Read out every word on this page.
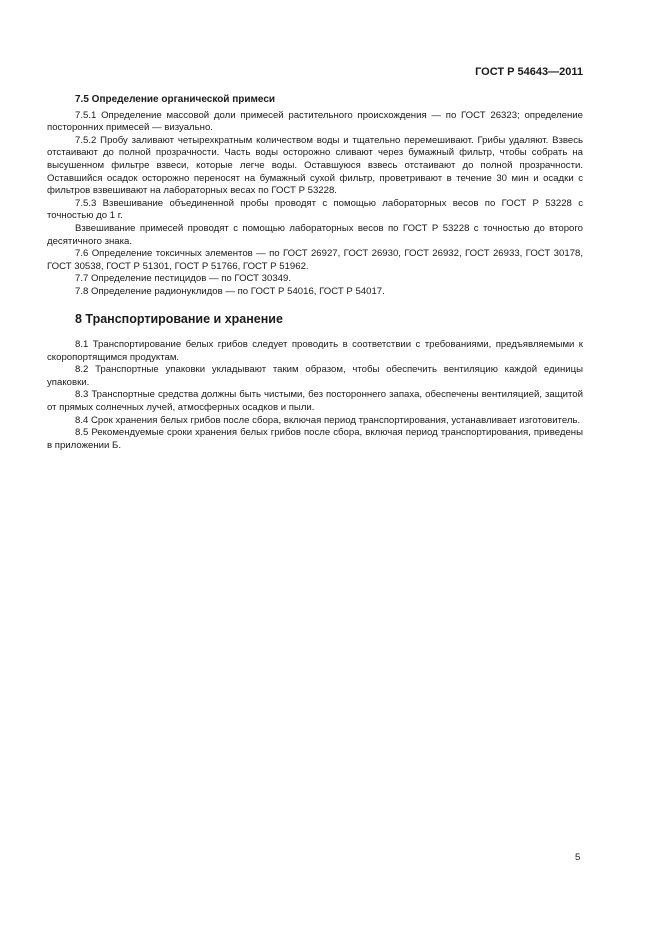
ГОСТ Р 54643—2011
7.5 Определение органической примеси

7.5.1 Определение массовой доли примесей растительного происхождения — по ГОСТ 26323; определение посторонних примесей — визуально.

7.5.2 Пробу заливают четырехкратным количеством воды и тщательно перемешивают. Грибы удаляют. Взвесь отстаивают до полной прозрачности. Часть воды осторожно сливают через бумажный фильтр, чтобы собрать на высушенном фильтре взвеси, которые легче воды. Оставшуюся взвесь отстаивают до полной прозрачности. Оставшийся осадок осторожно переносят на бумажный сухой фильтр, проветривают в течение 30 мин и осадки с фильтров взвешивают на лабораторных весах по ГОСТ Р 53228.

7.5.3 Взвешивание объединенной пробы проводят с помощью лабораторных весов по ГОСТ Р 53228 с точностью до 1 г.

Взвешивание примесей проводят с помощью лабораторных весов по ГОСТ Р 53228 с точностью до второго десятичного знака.

7.6 Определение токсичных элементов — по ГОСТ 26927, ГОСТ 26930, ГОСТ 26932, ГОСТ 26933, ГОСТ 30178, ГОСТ 30538, ГОСТ Р 51301, ГОСТ Р 51766, ГОСТ Р 51962.

7.7 Определение пестицидов — по ГОСТ 30349.

7.8 Определение радионуклидов — по ГОСТ Р 54016, ГОСТ Р 54017.

8 Транспортирование и хранение

8.1 Транспортирование белых грибов следует проводить в соответствии с требованиями, предъявляемыми к скоропортящимся продуктам.

8.2 Транспортные упаковки укладывают таким образом, чтобы обеспечить вентиляцию каждой единицы упаковки.

8.3 Транспортные средства должны быть чистыми, без постороннего запаха, обеспечены вентиляцией, защитой от прямых солнечных лучей, атмосферных осадков и пыли.

8.4 Срок хранения белых грибов после сбора, включая период транспортирования, устанавливает изготовитель.

8.5 Рекомендуемые сроки хранения белых грибов после сбора, включая период транспортирования, приведены в приложении Б.

5
